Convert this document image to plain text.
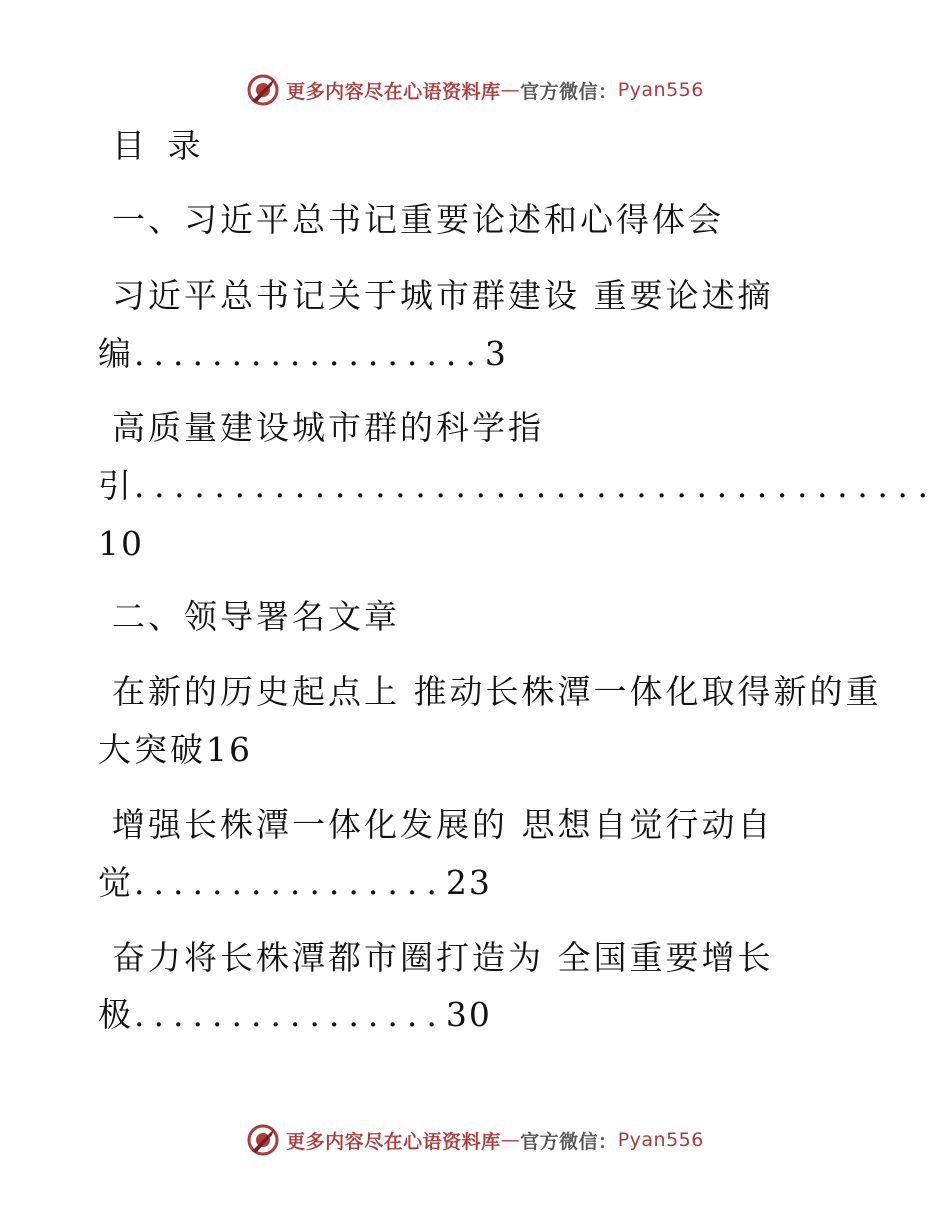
更多内容尽在心语资料库 — 官方微信： Pyan556
目 录
一、习近平总书记重要论述和心得体会
习近平总书记关于城市群建设 重要论述摘
编..................3
高质量建设城市群的科学指
引........................................
10
二、领导署名文章
在新的历史起点上 推动长株潭一体化取得新的重
大突破16
增强长株潭一体化发展的 思想自觉行动自
觉................23
奋力将长株潭都市圈打造为 全国重要增长
极................30
更多内容尽在心语资料库 — 官方微信： Pyan556
